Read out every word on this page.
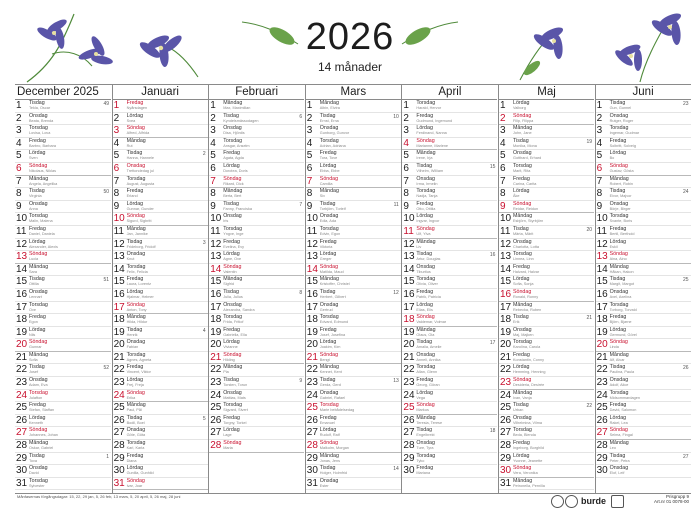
2026
14 månader
December 2025
1 Tisdag
Tekla, Oscar
49
2 Onsdag
Beata, Brenda
3 Torsdag
Lovisa, Lova
4 Fredag
Barbro, Barbara
5 Lördag
Sven
6 Söndag
Nikolaus, Niklas
7 Måndag
Angela, Angelika
8 Tisdag
Virginia
50
9 Onsdag
Anna
10 Torsdag
Malin, Malena
11 Fredag
Daniel, Daniela
12 Lördag
Alexander, Alexis
13 Söndag
Lucia
14 Måndag
Sara
15 Tisdag
Ottilia
51
16 Onsdag
Lennart
17 Torsdag
Ove
18 Fredag
Egon
19 Lördag
Nils
20 Söndag
Gunnar
21 Måndag
Sofia
22 Tisdag
Josef
52
23 Onsdag
Adam, Eva
24 Torsdag
Julafton
25 Fredag
Stefan, Staffan
26 Lördag
Kenneth
27 Söndag
Johannes, Johan
28 Måndag
Oskar, Gabriel
29 Tisdag
Tova
1
30 Onsdag
David
31 Torsdag
Sylvester
Januari
1 Fredag
Nyårsdagen
2 Lördag
Svea
3 Söndag
Alfred, Alfrida
4 Måndag
Rut
5 Tisdag
Hanna, Hannele
2
6 Onsdag
Trettondedag jul
7 Torsdag
August, Augusta
8 Fredag
Erland
9 Lördag
Gunnar, Gunder
10 Söndag
Sigurd, Sigbritt
11 Måndag
Jan, Jannike
12 Tisdag
Frideborg, Fridolf
3
13 Onsdag
Knut
14 Torsdag
Felix, Felicia
15 Fredag
Laura, Lorentz
16 Lördag
Hjalmar, Helmer
17 Söndag
Anton, Tony
18 Måndag
Hilda, Hildur
19 Tisdag
Henrik
4
20 Onsdag
Fabian
21 Torsdag
Agnes, Agneta
22 Fredag
Vincent, Viktor
23 Lördag
Frej, Freja
24 Söndag
Erika
25 Måndag
Paul, Pål
26 Tisdag
Bodil, Boel
5
27 Onsdag
Göte, Göta
28 Torsdag
Karl, Karla
29 Fredag
Diana
30 Lördag
Gunilla, Gunhild
31 Söndag
Ivar, Joar
Februari
1 Måndag
Max, Maximilian
2 Tisdag
Kyndelsmässodagen
6
3 Onsdag
Disa, Hjördis
4 Torsdag
Ansgar, Anselm
5 Fredag
Agata, Agda
6 Lördag
Dorotea, Doris
7 Söndag
Rikard, Dick
8 Måndag
Berta, Bert
9 Tisdag
Fanny, Franciska
7
10 Onsdag
Iris
11 Torsdag
Yngve, Inge
12 Fredag
Evelina, Evy
13 Lördag
Agne, Ove
14 Söndag
Valentin
15 Måndag
Sigfrid
16 Tisdag
Julia, Julius
8
17 Onsdag
Alexandra, Sandra
18 Torsdag
Frida, Fritiof
19 Fredag
Gabriella, Ella
20 Lördag
Vivianne
21 Söndag
Hilding
22 Måndag
Pia
23 Tisdag
Torsten, Torun
9
24 Onsdag
Mattias, Mats
25 Torsdag
Sigvard, Sivert
26 Fredag
Torgny, Torkel
27 Lördag
Lage
28 Söndag
Maria
Mars
1 Måndag
Albin, Elvira
2 Tisdag
Ernst, Erna
10
3 Onsdag
Gunborg, Gunvor
4 Torsdag
Adrian, Adriana
5 Fredag
Tora, Tove
6 Lördag
Ebba, Ebbe
7 Söndag
Camilla
8 Måndag
Siv
9 Tisdag
Torbjörn, Torleif
11
10 Onsdag
Edla, Ada
11 Torsdag
Edvin, Egon
12 Fredag
Viktoria
13 Lördag
Greger
14 Söndag
Matilda, Maud
15 Måndag
Kristoffer, Christel
16 Tisdag
Herbert, Gilbert
12
17 Onsdag
Gertrud
18 Torsdag
Edvard, Edmund
19 Fredag
Josef, Josefina
20 Lördag
Joakim, Kim
21 Söndag
Bengt
22 Måndag
Kennet, Kent
23 Tisdag
Gerda, Gerd
13
24 Onsdag
Gabriel, Rafael
25 Torsdag
Marie bebådelsedag
26 Fredag
Emanuel
27 Lördag
Rudolf, Ralf
28 Söndag
Malkolm, Morgan
29 Måndag
Jonas, Jens
30 Tisdag
Holger, Holmfrid
14
31 Onsdag
Ester
April
1 Torsdag
Harald, Hervor
2 Fredag
Gudmund, Ingemund
3 Lördag
Ferdinand, Nanna
4 Söndag
Marianne, Marlene
5 Måndag
Irene, Irja
6 Tisdag
Vilhelm, William
15
7 Onsdag
Irma, Irmelin
8 Torsdag
Nadja, Tanja
9 Fredag
Otto, Ottilia
10 Lördag
Ingvar, Ingvor
11 Söndag
Ulf, Ylva
12 Måndag
Liv
13 Tisdag
Artur, Douglas
16
14 Onsdag
Tiburtius
15 Torsdag
Olivia, Oliver
16 Fredag
Patrik, Patricia
17 Lördag
Elias, Elis
18 Söndag
Valdemar, Volmar
19 Måndag
Olaus, Ola
20 Tisdag
Amalia, Amelie
17
21 Onsdag
Anneli, Annika
22 Torsdag
Allan, Glenn
23 Fredag
Georg, Göran
24 Lördag
Vega
25 Söndag
Markus
26 Måndag
Teresia, Terese
27 Tisdag
Engelbrekt
18
28 Onsdag
Ture, Tyra
29 Torsdag
Tyko
30 Fredag
Mariana
Maj
1 Lördag
Valborg
2 Söndag
Filip, Filippa
3 Måndag
John, Jane
4 Tisdag
Monika, Mona
19
5 Onsdag
Gotthard, Erhard
6 Torsdag
Marit, Rita
7 Fredag
Carina, Carita
8 Lördag
Åke
9 Söndag
Reidar, Reidun
10 Måndag
Esbjörn, Styrbjörn
11 Tisdag
Märta, Märit
20
12 Onsdag
Charlotta, Lotta
13 Torsdag
Linnea, Linn
14 Fredag
Halvard, Halvar
15 Lördag
Sofia, Sonja
16 Söndag
Ronald, Ronny
17 Måndag
Rebecka, Ruben
18 Tisdag
Erik
21
19 Onsdag
Maj, Majken
20 Torsdag
Karolina, Carola
21 Fredag
Konstantin, Conny
22 Lördag
Hemming, Henning
23 Söndag
Desideria, Desirée
24 Måndag
Ivan, Vanja
25 Tisdag
Urban
22
26 Onsdag
Vilhelmina, Vilma
27 Torsdag
Beda, Blenda
28 Fredag
Ingeborg, Borghild
29 Lördag
Yvonne, Jeanette
30 Söndag
Vera, Veronika
31 Måndag
Petronella, Pernilla
Juni
1 Tisdag
Gun, Gunnel
23
2 Onsdag
Rutger, Roger
3 Torsdag
Ingemar, Gudmar
4 Fredag
Solbritt, Solveig
5 Lördag
Bo
6 Söndag
Gustav, Gösta
7 Måndag
Robert, Robin
8 Tisdag
Eivor, Majvor
24
9 Onsdag
Börje, Birger
10 Torsdag
Svante, Boris
11 Fredag
Bertil, Berthold
12 Lördag
Eskil
13 Söndag
Aina, Aino
14 Måndag
Håkan, Hakon
15 Tisdag
Margit, Margot
25
16 Onsdag
Axel, Axelina
17 Torsdag
Torborg, Torvald
18 Fredag
Björn, Bjarne
19 Lördag
Germund, Görel
20 Söndag
Linda
21 Måndag
Alf, Alvar
22 Tisdag
Paulina, Paula
26
23 Onsdag
Adolf, Alice
24 Torsdag
Midsommardagen
25 Fredag
David, Salomon
26 Lördag
Rakel, Lea
27 Söndag
Selma, Fingal
28 Måndag
Leo
29 Tisdag
Peter, Petra
27
30 Onsdag
Elof, Leif
Månfasernas förgångsdagar: 15, 22, 29 jan, 5, 26 feb, 13 mars, 5, 20 april, 5, 26 maj, 28 juni	burde	Prisgrupp 9
Art.nr 01 0078-00
